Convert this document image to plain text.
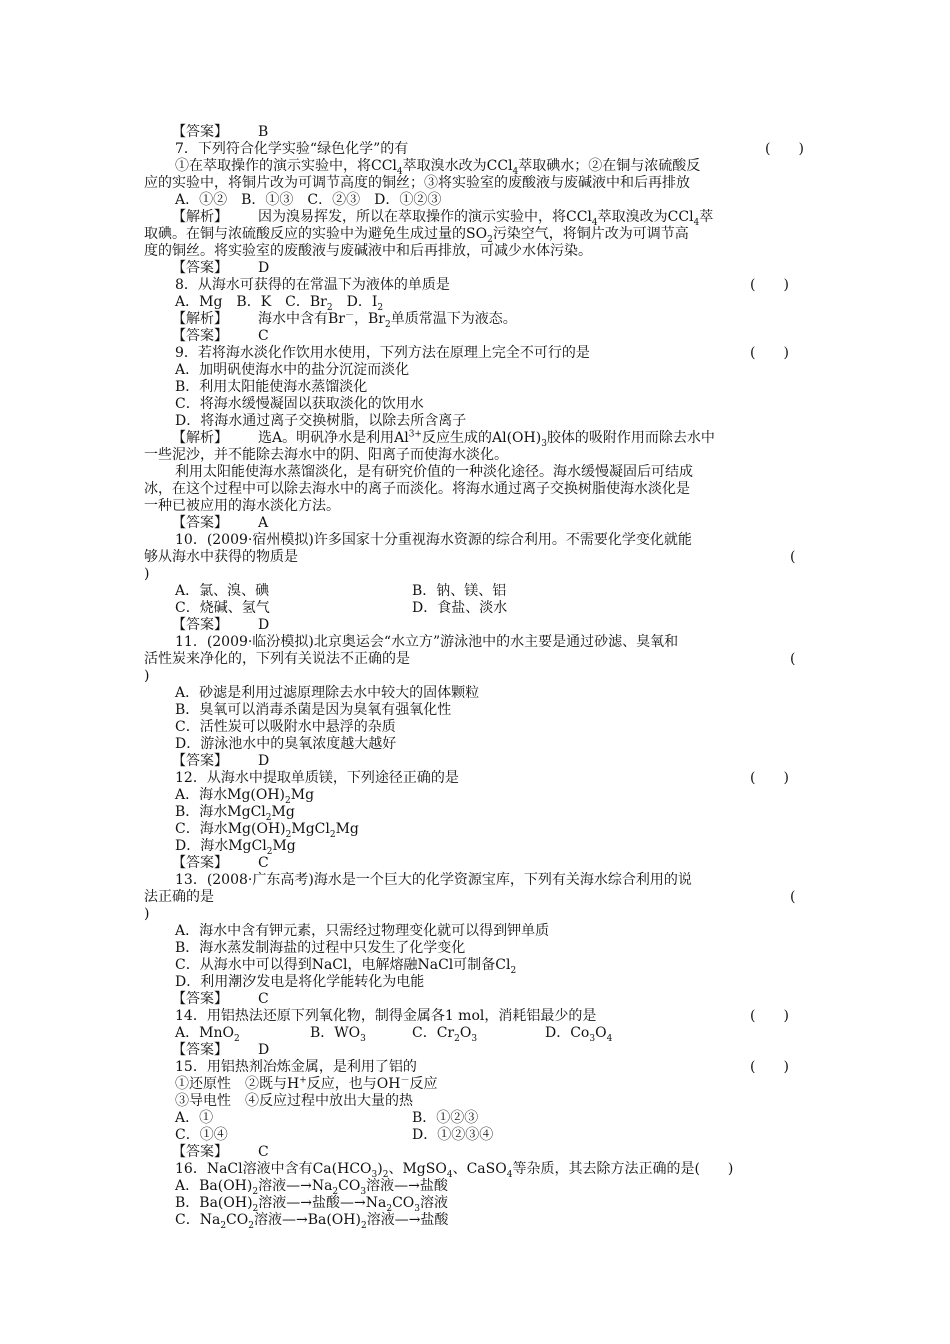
【答案】 B
7．下列符合化学实验“绿色化学”的有	(　　)
①在萃取操作的演示实验中，将CCl$_4$萃取溴水改为CCl$_4$萃取碘水；②在铜与浓硫酸反
应的实验中，将铜片改为可调节高度的铜丝；③将实验室的废酸液与废碱液中和后再排放
A．①②　B．①③　C．②③　D．①②③
【解析】 因为溴易挥发，所以在萃取操作的演示实验中，将CCl$_4$萃取溴改为CCl$_4$萃
取碘。在铜与浓硫酸反应的实验中为避免生成过量的$SO_2$污染空气，将铜片改为可调节高
度的铜丝。将实验室的废酸液与废碱液中和后再排放，可减少水体污染。
【答案】 D
8．从海水可获得的在常温下为液体的单质是	(　　)
A．Mg　B．K　C．$Br_2$　D．$I_2$
【解析】 海水中含有Br－，$Br_2$单质常温下为液态。
【答案】 C
9．若将海水淡化作饮用水使用，下列方法在原理上完全不可行的是	(　　)
A．加明矾使海水中的盐分沉淀而淡化
B．利用太阳能使海水蒸馏淡化
C．将海水缓慢凝固以获取淡化的饮用水
D．将海水通过离子交换树脂，以除去所含离子
【解析】 选A。明矾净水是利用$Al^{3+}$反应生成的$Al(OH)_3$胶体的吸附作用而除去水中
一些泥沙，并不能除去海水中的阴、阳离子而使海水淡化。
利用太阳能使海水蒸馏淡化，是有研究价值的一种淡化途径。海水缓慢凝固后可结成
冰，在这个过程中可以除去海水中的离子而淡化。将海水通过离子交换树脂使海水淡化是
一种已被应用的海水淡化方法。
【答案】 A
10．(2009·宿州模拟)许多国家十分重视海水资源的综合利用。不需要化学变化就能
够从海水中获得的物质是	(
)
A．氯、溴、碘	B．钠、镁、铝
C．烧碱、氢气	D．食盐、淡水
【答案】 D
11．(2009·临汾模拟)北京奥运会“水立方”游泳池中的水主要是通过砂滤、臭氧和
活性炭来净化的，下列有关说法不正确的是	(
)
A．砂滤是利用过滤原理除去水中较大的固体颗粒
B．臭氧可以消毒杀菌是因为臭氧有强氧化性
C．活性炭可以吸附水中悬浮的杂质
D．游泳池水中的臭氧浓度越大越好
【答案】 D
12．从海水中提取单质镁，下列途径正确的是	(　　)
A．海水$Mg(OH)_2Mg$
B．海水MgCl$_2$Mg
C．海水$Mg(OH)_2MgCl_2Mg$
D．海水MgCl$_2$Mg
【答案】 C
13．(2008·广东高考)海水是一个巨大的化学资源宝库，下列有关海水综合利用的说
法正确的是	(
)
A．海水中含有钾元素，只需经过物理变化就可以得到钾单质
B．海水蒸发制海盐的过程中只发生了化学变化
C．从海水中可以得到NaCl，电解熔融NaCl可制备$Cl_2$
D．利用潮汐发电是将化学能转化为电能
【答案】 C
14．用铝热法还原下列氧化物，制得金属各1 mol，消耗铝最少的是	(　　)
A．MnO$_2$	B．$WO_3$	C．$Cr_2O_3$	D．$Co_3O_4$
【答案】 D
15．用铝热剂冶炼金属，是利用了铝的	(　　)
①还原性　②既与H+反应，也与OH－反应
③导电性　④反应过程中放出大量的热
A．①	B．①②③
C．①④	D．①②③④
【答案】 C
16．NaCl溶液中含有$Ca(HCO_3)_2$、MgSO$_4$、CaSO$_4$等杂质，其去除方法正确的是(　　)
A．$Ba(OH)_2$溶液$—\to Na_2CO_3$溶液—→盐酸
B．$Ba(OH)_2$溶液—→盐酸$—\to Na_2CO_3$溶液
C．$Na_2CO_2$溶液$—\to Ba(OH)_2$溶液—→盐酸
